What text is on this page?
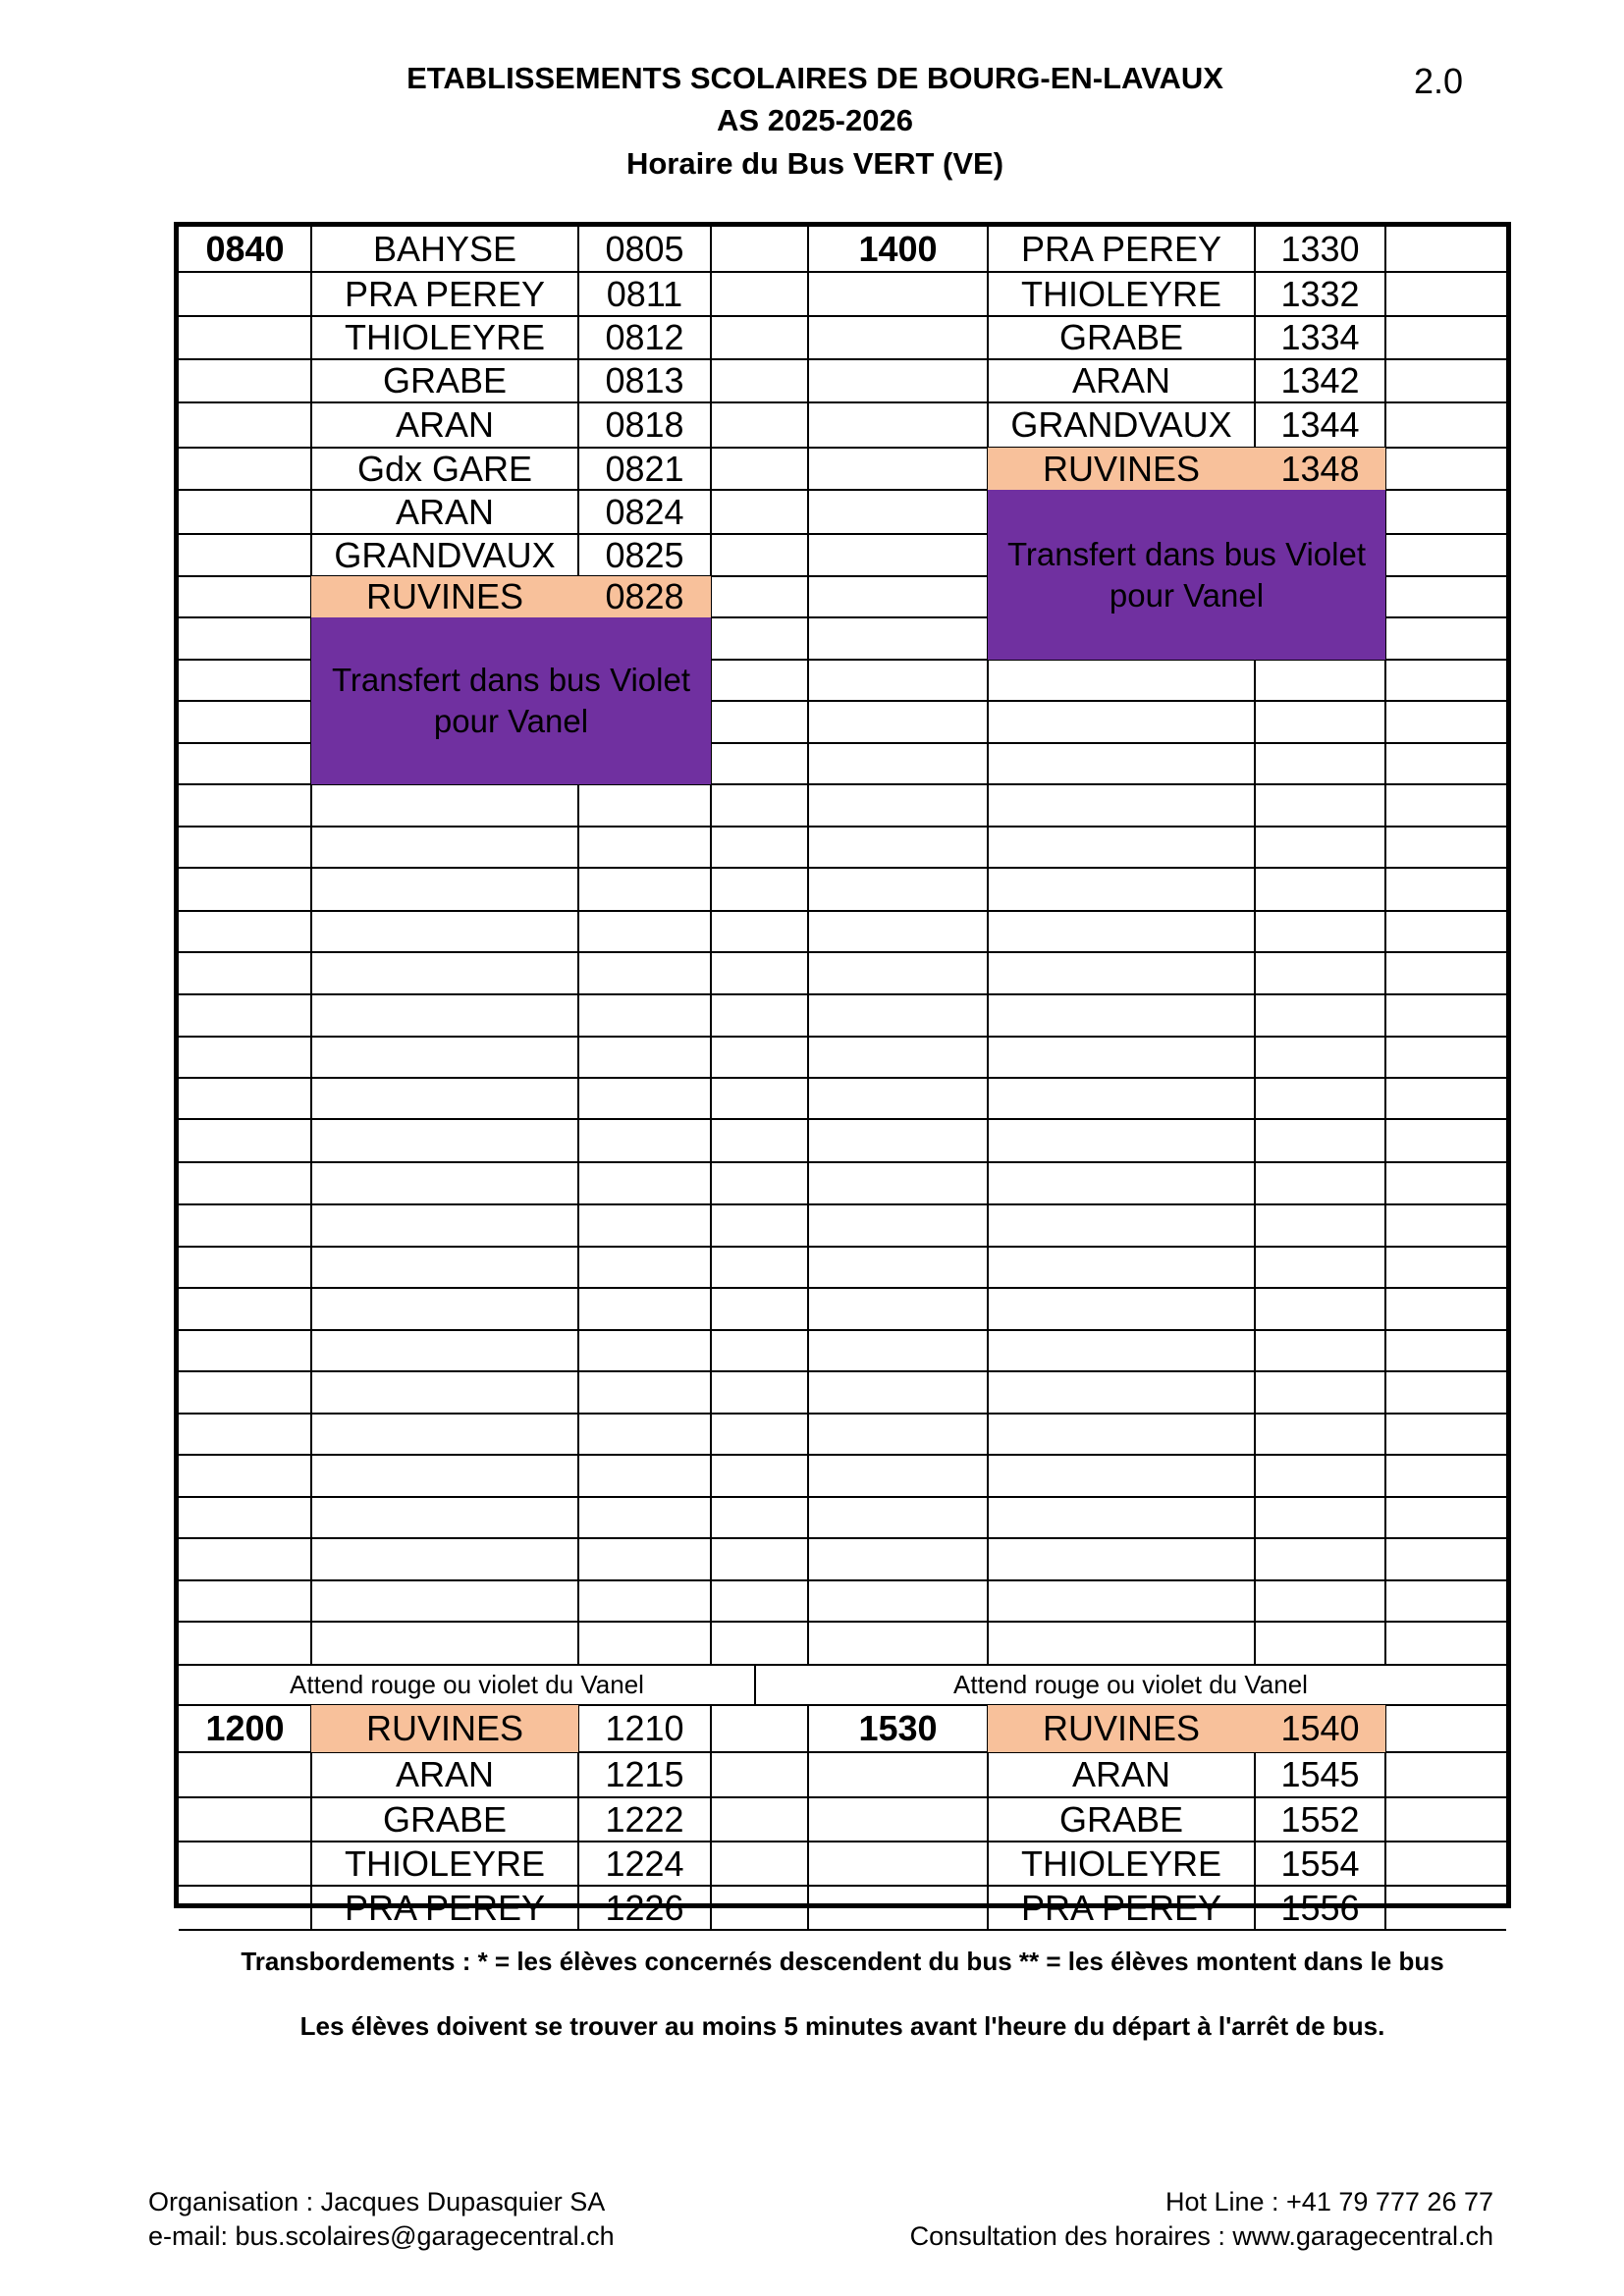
ETABLISSEMENTS SCOLAIRES DE BOURG-EN-LAVAUX
AS 2025-2026
Horaire du Bus VERT (VE)
2.0
0840	BAHYSE	0805
PRA PEREY	0811
THIOLEYRE	0812
GRABE	0813
ARAN	0818
Gdx GARE	0821
ARAN	0824
GRANDVAUX	0825
RUVINES	0828
Transfert dans bus Violet pour Vanel
1400	PRA PEREY	1330
THIOLEYRE	1332
GRABE	1334
ARAN	1342
GRANDVAUX	1344
RUVINES	1348
Transfert dans bus Violet pour Vanel
Attend rouge ou violet du Vanel	Attend rouge ou violet du Vanel
1200	RUVINES	1210
ARAN	1215
GRABE	1222
THIOLEYRE	1224
PRA PEREY	1226
1530	RUVINES	1540
ARAN	1545
GRABE	1552
THIOLEYRE	1554
PRA PEREY	1556
Transbordements : * = les élèves concernés descendent du bus ** = les élèves montent dans le bus
Les élèves doivent se trouver au moins 5 minutes avant l'heure du départ à l'arrêt de bus.
Organisation : Jacques Dupasquier SA
e-mail: bus.scolaires@garagecentral.ch
Hot Line : +41 79 777 26 77
Consultation des horaires : www.garagecentral.ch
